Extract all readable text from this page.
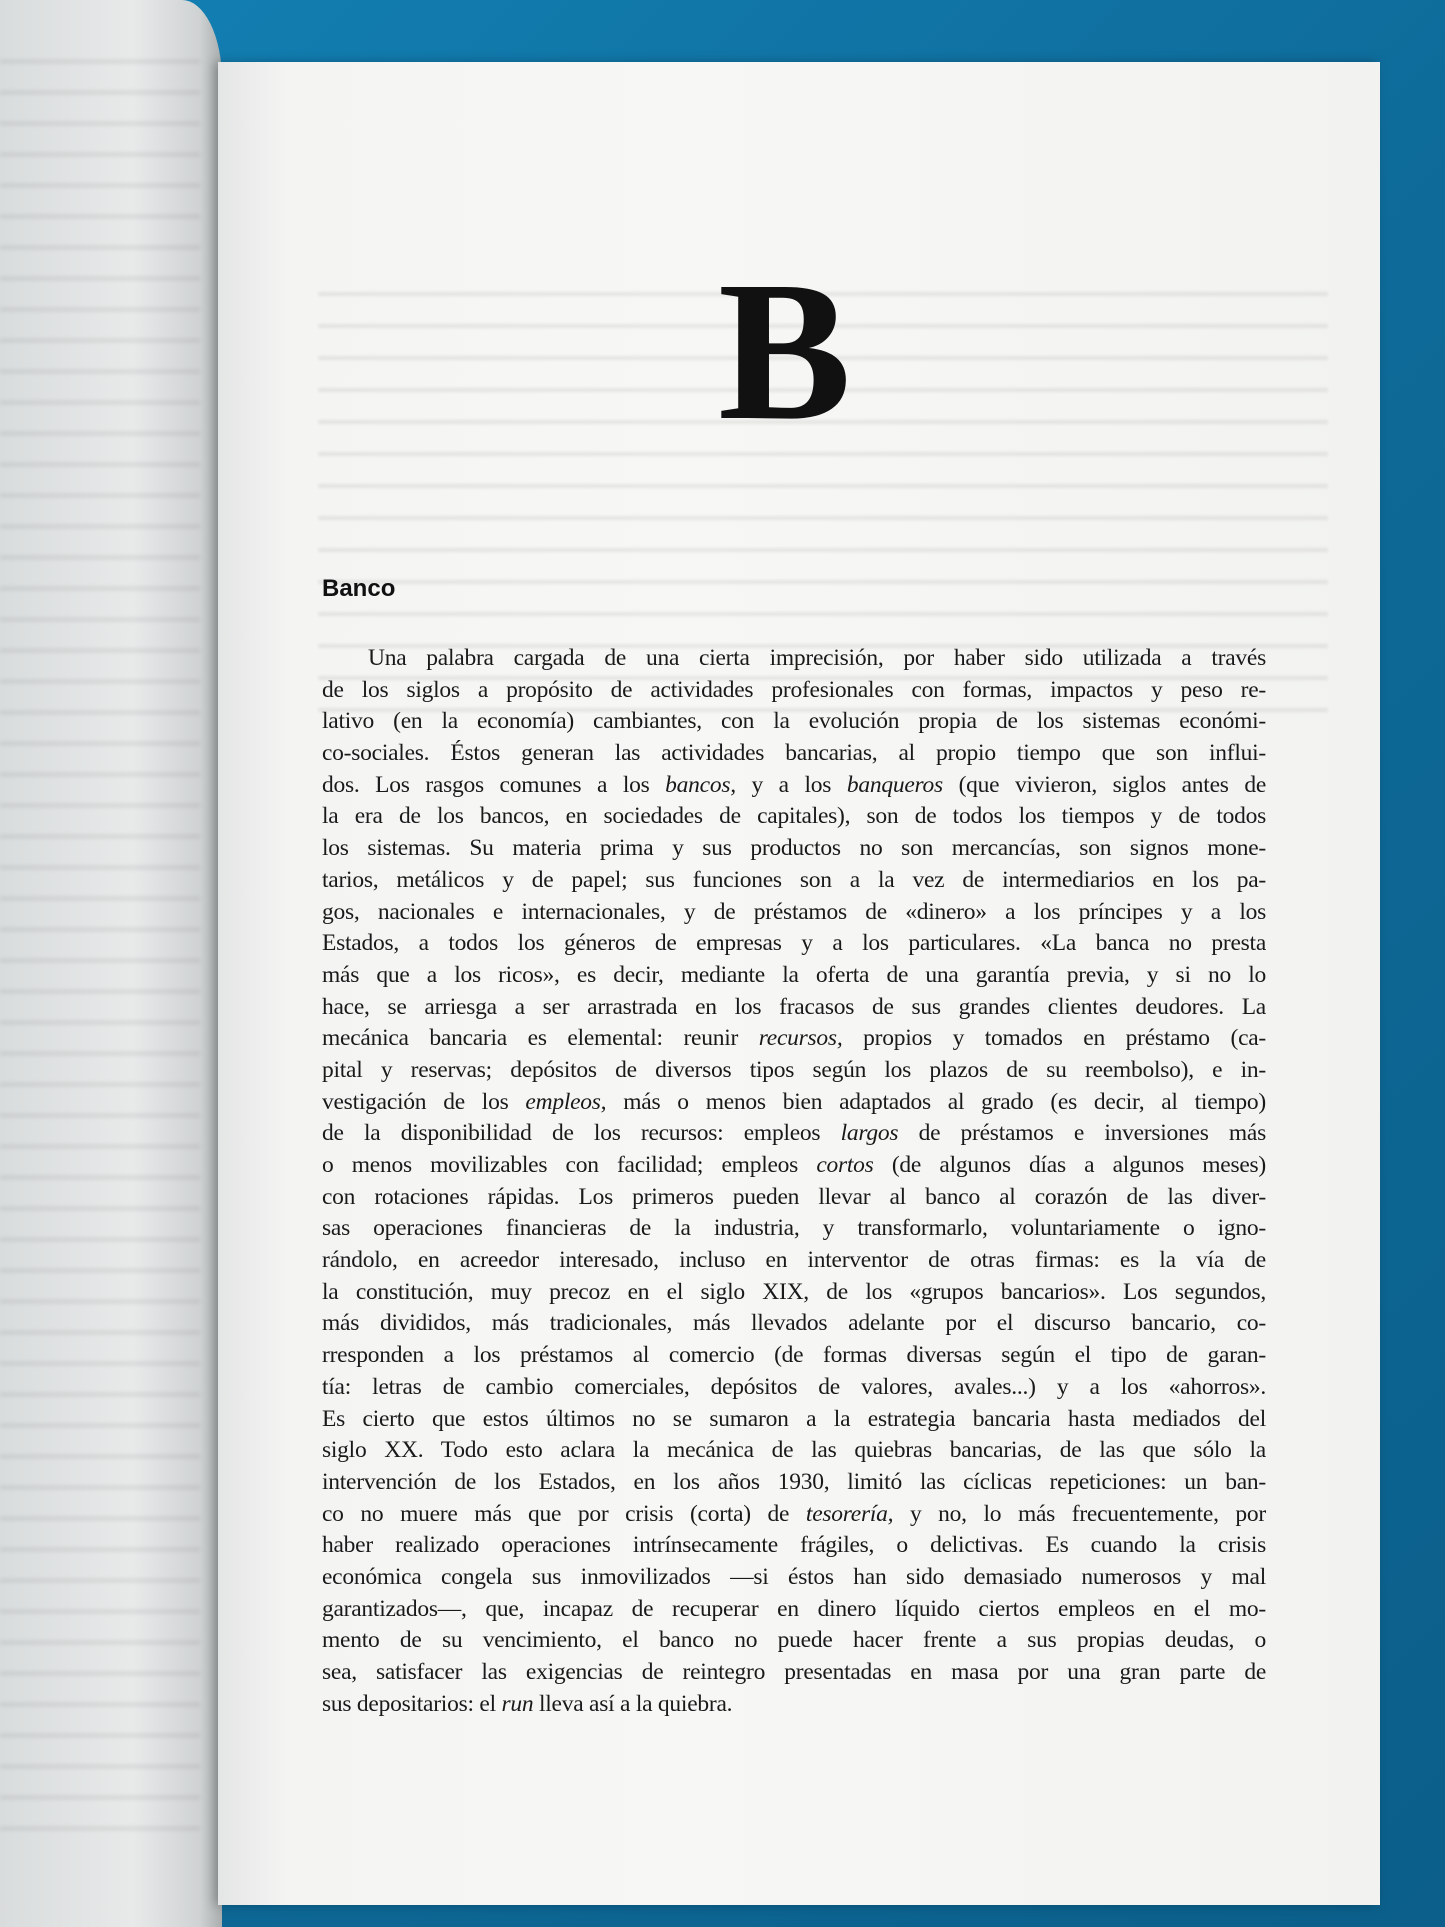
B
Banco
Una palabra cargada de una cierta imprecisión, por haber sido utilizada a través
de los siglos a propósito de actividades profesionales con formas, impactos y peso re-
lativo (en la economía) cambiantes, con la evolución propia de los sistemas económi-
co-sociales. Éstos generan las actividades bancarias, al propio tiempo que son influi-
dos. Los rasgos comunes a los bancos, y a los banqueros (que vivieron, siglos antes de
la era de los bancos, en sociedades de capitales), son de todos los tiempos y de todos
los sistemas. Su materia prima y sus productos no son mercancías, son signos mone-
tarios, metálicos y de papel; sus funciones son a la vez de intermediarios en los pa-
gos, nacionales e internacionales, y de préstamos de «dinero» a los príncipes y a los
Estados, a todos los géneros de empresas y a los particulares. «La banca no presta
más que a los ricos», es decir, mediante la oferta de una garantía previa, y si no lo
hace, se arriesga a ser arrastrada en los fracasos de sus grandes clientes deudores. La
mecánica bancaria es elemental: reunir recursos, propios y tomados en préstamo (ca-
pital y reservas; depósitos de diversos tipos según los plazos de su reembolso), e in-
vestigación de los empleos, más o menos bien adaptados al grado (es decir, al tiempo)
de la disponibilidad de los recursos: empleos largos de préstamos e inversiones más
o menos movilizables con facilidad; empleos cortos (de algunos días a algunos meses)
con rotaciones rápidas. Los primeros pueden llevar al banco al corazón de las diver-
sas operaciones financieras de la industria, y transformarlo, voluntariamente o igno-
rándolo, en acreedor interesado, incluso en interventor de otras firmas: es la vía de
la constitución, muy precoz en el siglo XIX, de los «grupos bancarios». Los segundos,
más divididos, más tradicionales, más llevados adelante por el discurso bancario, co-
rresponden a los préstamos al comercio (de formas diversas según el tipo de garan-
tía: letras de cambio comerciales, depósitos de valores, avales...) y a los «ahorros».
Es cierto que estos últimos no se sumaron a la estrategia bancaria hasta mediados del
siglo XX. Todo esto aclara la mecánica de las quiebras bancarias, de las que sólo la
intervención de los Estados, en los años 1930, limitó las cíclicas repeticiones: un ban-
co no muere más que por crisis (corta) de tesorería, y no, lo más frecuentemente, por
haber realizado operaciones intrínsecamente frágiles, o delictivas. Es cuando la crisis
económica congela sus inmovilizados —si éstos han sido demasiado numerosos y mal
garantizados—, que, incapaz de recuperar en dinero líquido ciertos empleos en el mo-
mento de su vencimiento, el banco no puede hacer frente a sus propias deudas, o
sea, satisfacer las exigencias de reintegro presentadas en masa por una gran parte de
sus depositarios: el run lleva así a la quiebra.
